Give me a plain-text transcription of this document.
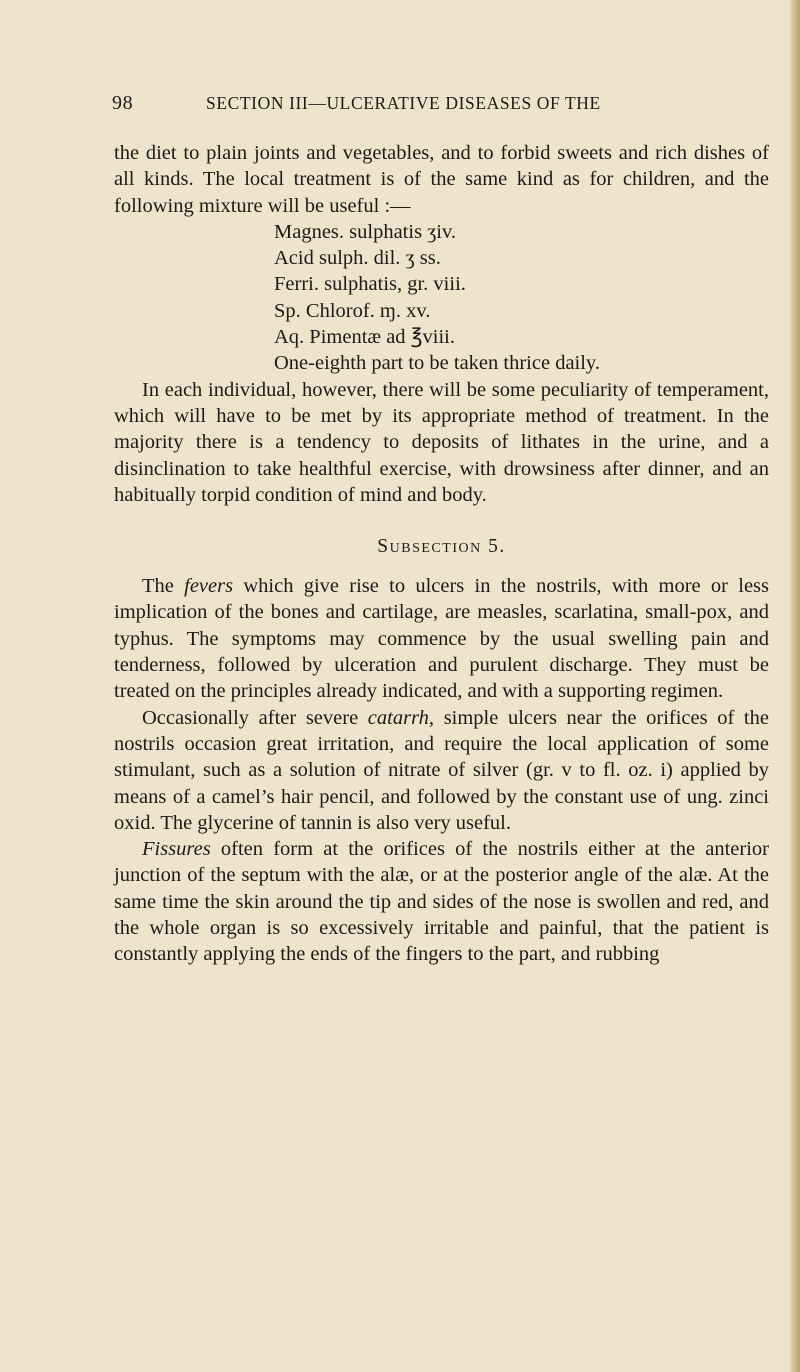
98	SECTION III—ULCERATIVE DISEASES OF THE

the diet to plain joints and vegetables, and to forbid sweets and rich dishes of all kinds. The local treatment is of the same kind as for children, and the following mixture will be useful :—

Magnes. sulphatis ʒiv.
Acid sulph. dil. ʒ ss.
Ferri. sulphatis, gr. viii.
Sp. Chlorof. ɱ. xv.
Aq. Pimentæ ad ℥viii.
One-eighth part to be taken thrice daily.

In each individual, however, there will be some peculiarity of temperament, which will have to be met by its appropriate method of treatment. In the majority there is a tendency to deposits of lithates in the urine, and a disinclination to take healthful exercise, with drowsiness after dinner, and an habitually torpid condition of mind and body.

Subsection 5.

The fevers which give rise to ulcers in the nostrils, with more or less implication of the bones and cartilage, are measles, scarlatina, small-pox, and typhus. The symptoms may commence by the usual swelling pain and tenderness, followed by ulceration and purulent discharge. They must be treated on the principles already indicated, and with a supporting regimen.

Occasionally after severe catarrh, simple ulcers near the orifices of the nostrils occasion great irritation, and require the local application of some stimulant, such as a solution of nitrate of silver (gr. v to fl. oz. i) applied by means of a camel’s hair pencil, and followed by the constant use of ung. zinci oxid. The glycerine of tannin is also very useful.

Fissures often form at the orifices of the nostrils either at the anterior junction of the septum with the alæ, or at the posterior angle of the alæ. At the same time the skin around the tip and sides of the nose is swollen and red, and the whole organ is so excessively irritable and painful, that the patient is constantly applying the ends of the fingers to the part, and rubbing
